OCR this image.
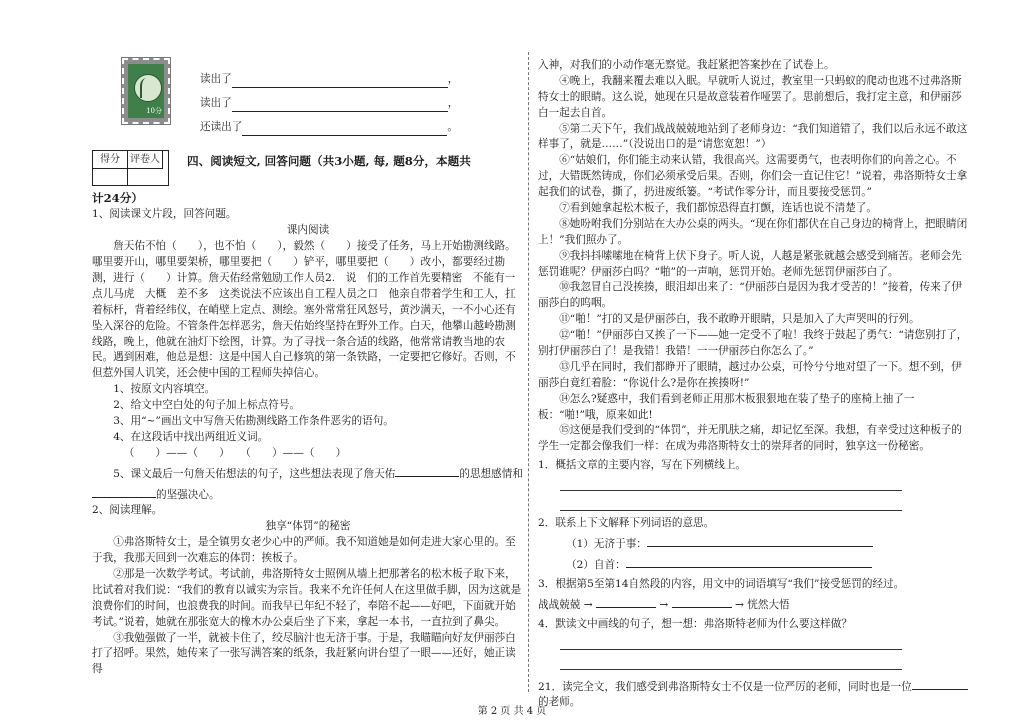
10分
读出了	，
读出了	，
还读出了	。
得分	评卷人 四、阅读短文, 回答问题（共3小题, 每, 题8分，本题共
计24分）

1、阅读课文片段，回答问题。

课内阅读

詹天佑不怕（　　），也不怕（　　），毅然（　　）接受了任务，马上开始勘测线路。哪里要开山，哪里要架桥，哪里要把（　　）铲平，哪里要把（　　）改小，都要经过勘测，进行（　　）计算。詹天佑经常勉励工作人员2.　说　们的工作首先要精密　不能有一点儿马虎　大概　差不多　这类说法不应该出自工程人员之口　他亲自带着学生和工人，扛着标杆，背着经纬仪，在峭壁上定点、测绘。塞外常常狂风怒号，黄沙满天，一不小心还有坠入深谷的危险。不管条件怎样恶劣，詹天佑始终坚持在野外工作。白天，他攀山越岭勘测线路，晚上，他就在油灯下绘图，计算。为了寻找一条合适的线路，他常常请教当地的农民。遇到困难，他总是想：这是中国人自己修筑的第一条铁路，一定要把它修好。否则，不但惹外国人讥笑，还会使中国的工程师失掉信心。

1、按原文内容填空。

2、给文中空白处的句子加上标点符号。

3、用“~”画出文中写詹天佑勘测线路工作条件恶劣的语句。

4、在这段话中找出两组近义词。

（　　）——（　　）　　（　　）——（　　）

5、课文最后一句詹天佑想法的句子，这些想法表现了詹天佑	的思想感情和的坚强决心。

2、阅读理解。

独享“体罚”的秘密

①弗洛斯特女士，是全镇男女老少心中的严师。我不知道她是如何走进大家心里的。至于我，我那天回到一次难忘的体罚：挨板子。

②那是一次数学考试。考试前，弗洛斯特女士照例从墙上把那著名的松木板子取下来，比试着对我们说：“我们的教育以诚实为宗旨。我来不允许任何人在这里做手脚，因为这就是浪费你们的时间，也浪费我的时间。而我早已年纪不轻了，奉陪不起——好吧，下面就开始考试。”说着，她就在那张宽大的橡木办公桌后坐了下来，拿起一本书，一直拉到了鼻尖。

③我勉强做了一半，就被卡住了，绞尽脑汁也无济于事。于是，我瞄瞄向好友伊丽莎白打了招呼。果然，她传来了一张写满答案的纸条，我赶紧向讲台望了一眼——还好，她正读得

入神，对我们的小动作毫无察觉。我赶紧把答案抄在了试卷上。

④晚上，我翻来覆去难以入眠。早就听人说过，教室里一只蚂蚁的爬动也逃不过弗洛斯特女士的眼睛。这么说，她现在只是故意装着作哑罢了。思前想后，我打定主意，和伊丽莎白一起去自首。

⑤第二天下午，我们战战兢兢地站到了老师身边：“我们知道错了，我们以后永远不敢这样事了，就是……”（没说出口的是“请您宽恕！”）

⑥“姑娘们，你们能主动来认错，我很高兴。这需要勇气，也表明你们的向善之心。不过，大错既然铸成，你们必须承受后果。否则，你们会一直记住它！”说着，弗洛斯特女士拿起我们的试卷，撕了，扔进废纸篓。“考试作零分计，而且要接受惩罚。”

⑦看到她拿起松木板子，我们都惊恐得直打颤，连话也说不清楚了。

⑧她吩咐我们分别站在大办公桌的两头。“现在你们都伏在自己身边的椅背上，把眼睛闭上！”我们照办了。

⑨我抖抖嗦嗦地在椅背上伏下身子。听人说，人越是紧张就越会感受到痛苦。老师会先惩罚谁呢？伊丽莎白吗？“啪”的一声响，惩罚开始。老师先惩罚伊丽莎白了。

⑩我忽冒自己没挨揍，眼泪却出来了：“伊丽莎白是因为我才受苦的！”接着，传来了伊丽莎白的呜咽。

⑪“啪！”打的又是伊丽莎白，我不敢睁开眼睛，只是加入了大声哭叫的行列。

⑫“啪！”伊丽莎白又挨了一下——她一定受不了啦！我终于鼓起了勇气：“请您别打了，别打伊丽莎白了！是我错！我错！一一伊丽莎白你怎么了。”

⑬几乎在同时，我们都睁开了眼睛，越过办公桌，可怜兮兮地对望了一下。想不到，伊丽莎白竟红着脸：“你说什么?是你在挨揍呀!”

⑭怎么?疑惑中，我们看到老师正用那木板狠狠地在装了垫子的座椅上抽了一板：“啪!”哦，原来如此!

⑮这便是我们受到的“体罚”，并无肌肤之痛，却记忆至深。我想，有幸受过这种板子的学生一定都会像我们一样：在成为弗洛斯特女士的崇拜者的同时，独享这一份秘密。

1．概括文章的主要内容，写在下列横线上。

2．联系上下文解释下列词语的意思。

（1）无济于事：

（2）自首：

3．根据第5至第14自然段的内容，用文中的词语填写“我们”接受惩罚的经过。

战战兢兢 →	→	→ 恍然大悟

4．默读文中画线的句子，想一想：弗洛斯特老师为什么要这样做？

21．读完全文，我们感受到弗洛斯特女士不仅是一位严厉的老师，同时也是一位的老师。

第 2 页 共 4 页
